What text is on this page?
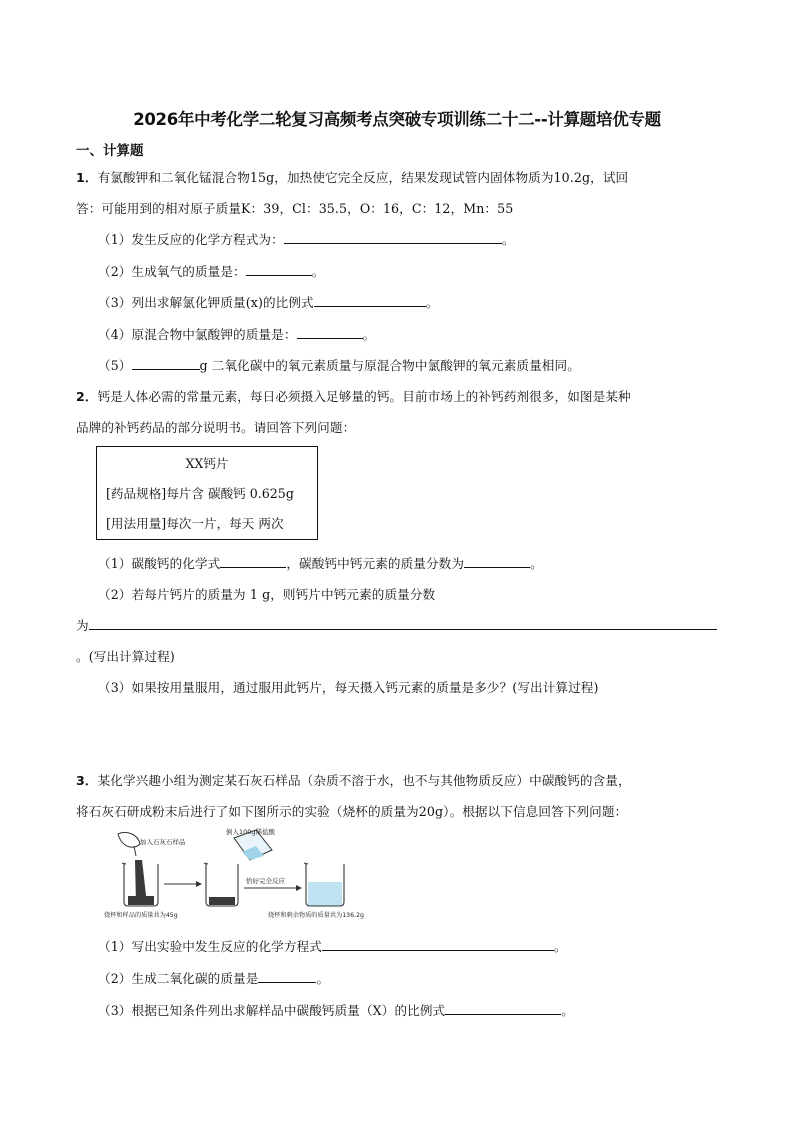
2026年中考化学二轮复习高频考点突破专项训练二十二--计算题培优专题
一、计算题
1．有氯酸钾和二氧化锰混合物15g，加热使它完全反应，结果发现试管内固体物质为10.2g，试回
答：可能用到的相对原子质量K：39，Cl：35.5，O：16，C：12，Mn：55
（1）发生反应的化学方程式为：	。
（2）生成氧气的质量是：	。
（3）列出求解氯化钾质量(x)的比例式	。
（4）原混合物中氯酸钾的质量是：	。
（5）	g 二氧化碳中的氧元素质量与原混合物中氯酸钾的氧元素质量相同。
2．钙是人体必需的常量元素，每日必须摄入足够量的钙。目前市场上的补钙药剂很多，如图是某种
品牌的补钙药品的部分说明书。请回答下列问题：
XX钙片
[药品规格]每片含 碳酸钙 0.625g
[用法用量]每次一片，每天 两次
（1）碳酸钙的化学式	，碳酸钙中钙元素的质量分数为	。
（2）若每片钙片的质量为 1 g，则钙片中钙元素的质量分数
为
。(写出计算过程)
（3）如果按用量服用，通过服用此钙片，每天摄入钙元素的质量是多少？(写出计算过程)
3．某化学兴趣小组为测定某石灰石样品（杂质不溶于水，也不与其他物质反应）中碳酸钙的含量，
将石灰石研成粉末后进行了如下图所示的实验（烧杯的质量为20g）。根据以下信息回答下列问题：
加入石灰石样品
烧杯和样品的质量共为45g
倒入100g稀盐酸
恰好完全反应
烧杯和剩余物质的质量共为136.2g
（1）写出实验中发生反应的化学方程式	。
（2）生成二氧化碳的质量是	。
（3）根据已知条件列出求解样品中碳酸钙质量（X）的比例式	。
